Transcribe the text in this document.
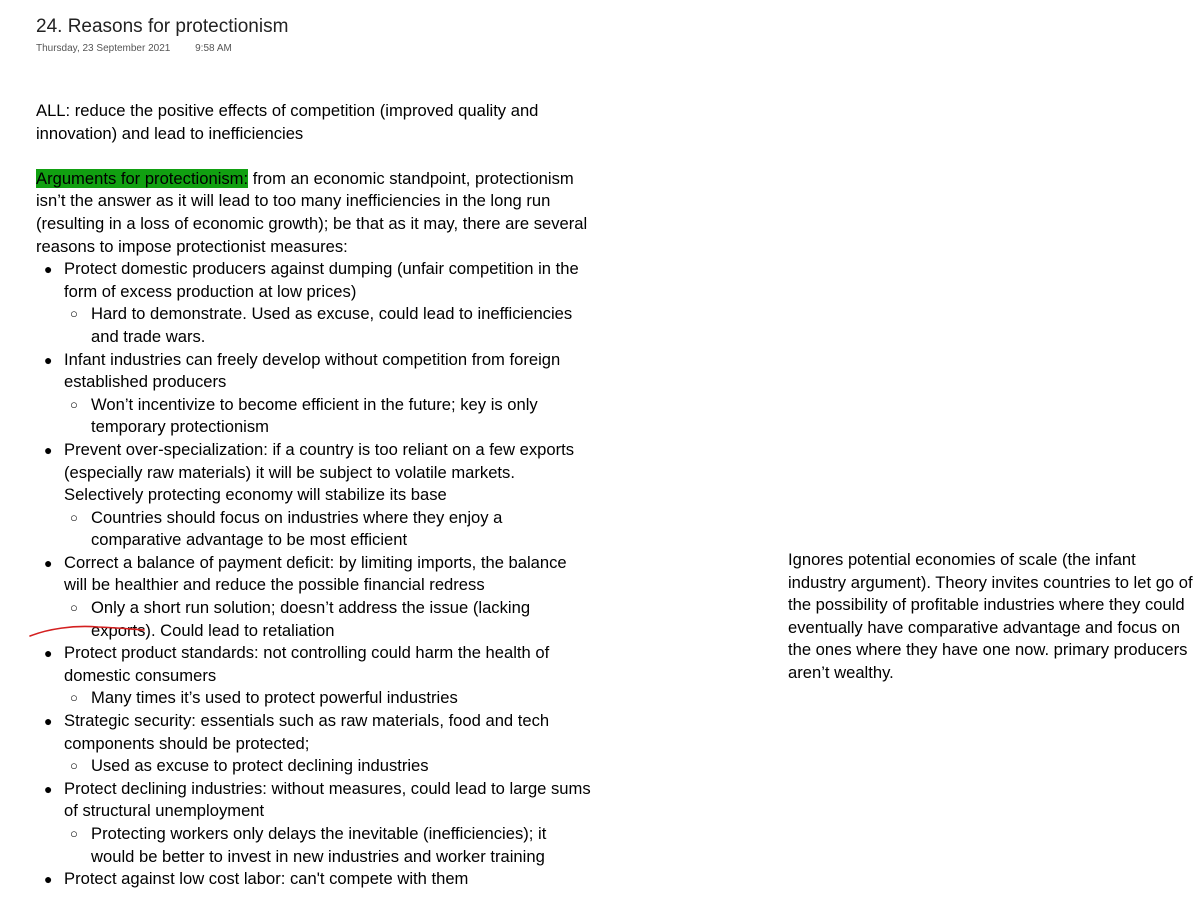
24. Reasons for protectionism
Thursday, 23 September 2021 9:58 AM

ALL: reduce the positive effects of competition (improved quality and innovation) and lead to inefficiencies

Arguments for protectionism: from an economic standpoint, protectionism isn’t the answer as it will lead to too many inefficiencies in the long run (resulting in a loss of economic growth); be that as it may, there are several reasons to impose protectionist measures:

● Protect domestic producers against dumping (unfair competition in the form of excess production at low prices)
○ Hard to demonstrate. Used as excuse, could lead to inefficiencies and trade wars.
● Infant industries can freely develop without competition from foreign established producers
○ Won’t incentivize to become efficient in the future; key is only temporary protectionism
● Prevent over-specialization: if a country is too reliant on a few exports (especially raw materials) it will be subject to volatile markets. Selectively protecting economy will stabilize its base
○ Countries should focus on industries where they enjoy a comparative advantage to be most efficient
● Correct a balance of payment deficit: by limiting imports, the balance will be healthier and reduce the possible financial redress
○ Only a short run solution; doesn’t address the issue (lacking exports). Could lead to retaliation
● Protect product standards: not controlling could harm the health of domestic consumers
○ Many times it’s used to protect powerful industries
● Strategic security: essentials such as raw materials, food and tech components should be protected;
○ Used as excuse to protect declining industries
● Protect declining industries: without measures, could lead to large sums of structural unemployment
○ Protecting workers only delays the inevitable (inefficiencies); it would be better to invest in new industries and worker training
● Protect against low cost labor: can't compete with them
Ignores potential economies of scale (the infant industry argument). Theory invites countries to let go of the possibility of profitable industries where they could eventually have comparative advantage and focus on the ones where they have one now. primary producers aren’t wealthy.
